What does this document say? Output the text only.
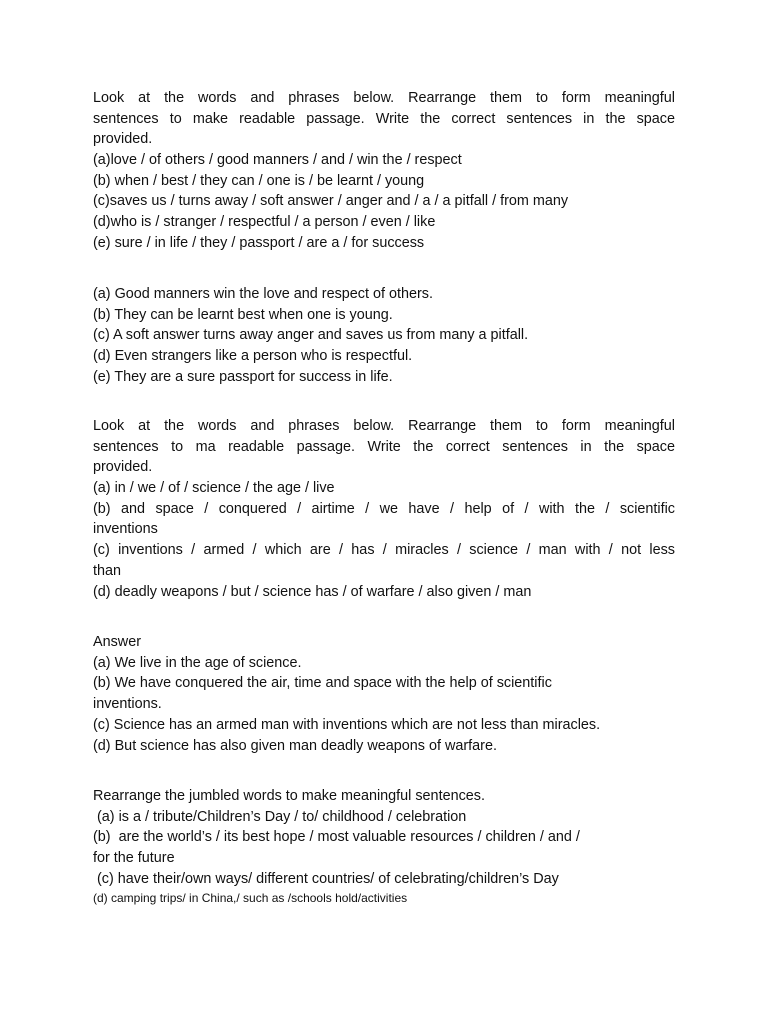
Look at the words and phrases below. Rearrange them to form meaningful
sentences to make readable passage. Write the correct sentences in the space
provided.
(a)love / of others / good manners / and / win the / respect
(b) when / best / they can / one is / be learnt / young
(c)saves us / turns away / soft answer / anger and / a / a pitfall / from many
(d)who is / stranger / respectful / a person / even / like
(e) sure / in life / they / passport / are a / for success
(a) Good manners win the love and respect of others.
(b) They can be learnt best when one is young.
(c) A soft answer turns away anger and saves us from many a pitfall.
(d) Even strangers like a person who is respectful.
(e) They are a sure passport for success in life.
Look at the words and phrases below. Rearrange them to form meaningful
sentences to ma readable passage. Write the correct sentences in the space
provided.
(a) in / we / of / science / the age / live
(b) and space / conquered / airtime / we have / help of / with the / scientific
inventions
(c) inventions / armed / which are / has / miracles / science / man with / not less
than
(d) deadly weapons / but / science has / of warfare / also given / man
Answer
(a) We live in the age of science.
(b) We have conquered the air, time and space with the help of scientific
inventions.
(c) Science has an armed man with inventions which are not less than miracles.
(d) But science has also given man deadly weapons of warfare.
Rearrange the jumbled words to make meaningful sentences.
(a) is a / tribute/Children’s Day / to/ childhood / celebration
(b)  are the world’s / its best hope / most valuable resources / children / and /
for the future
(c) have their/own ways/ different countries/ of celebrating/children’s Day
(d) camping trips/ in China,/ such as /schools hold/activities
